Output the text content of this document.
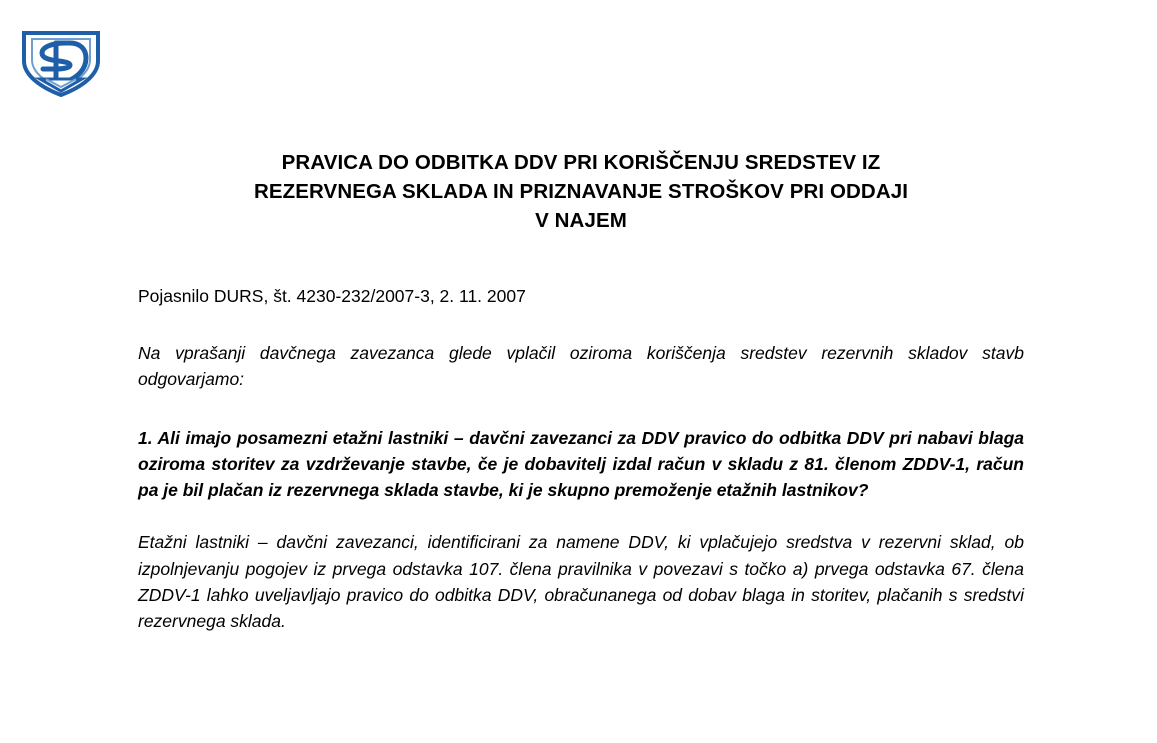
PRAVICA DO ODBITKA DDV PRI KORIŠČENJU SREDSTEV IZ
REZERVNEGA SKLADA IN PRIZNAVANJE STROŠKOV PRI ODDAJI
V NAJEM

Pojasnilo DURS, št. 4230-232/2007-3, 2. 11. 2007

Na vprašanji davčnega zavezanca glede vplačil oziroma koriščenja sredstev rezervnih skladov stavb odgovarjamo:

1. Ali imajo posamezni etažni lastniki – davčni zavezanci za DDV pravico do odbitka DDV pri nabavi blaga oziroma storitev za vzdrževanje stavbe, če je dobavitelj izdal račun v skladu z 81. členom ZDDV-1, račun pa je bil plačan iz rezervnega sklada stavbe, ki je skupno premoženje etažnih lastnikov?

Etažni lastniki – davčni zavezanci, identificirani za namene DDV, ki vplačujejo sredstva v rezervni sklad, ob izpolnjevanju pogojev iz prvega odstavka 107. člena pravilnika v povezavi s točko a) prvega odstavka 67. člena ZDDV-1 lahko uveljavljajo pravico do odbitka DDV, obračunanega od dobav blaga in storitev, plačanih s sredstvi rezervnega sklada.
